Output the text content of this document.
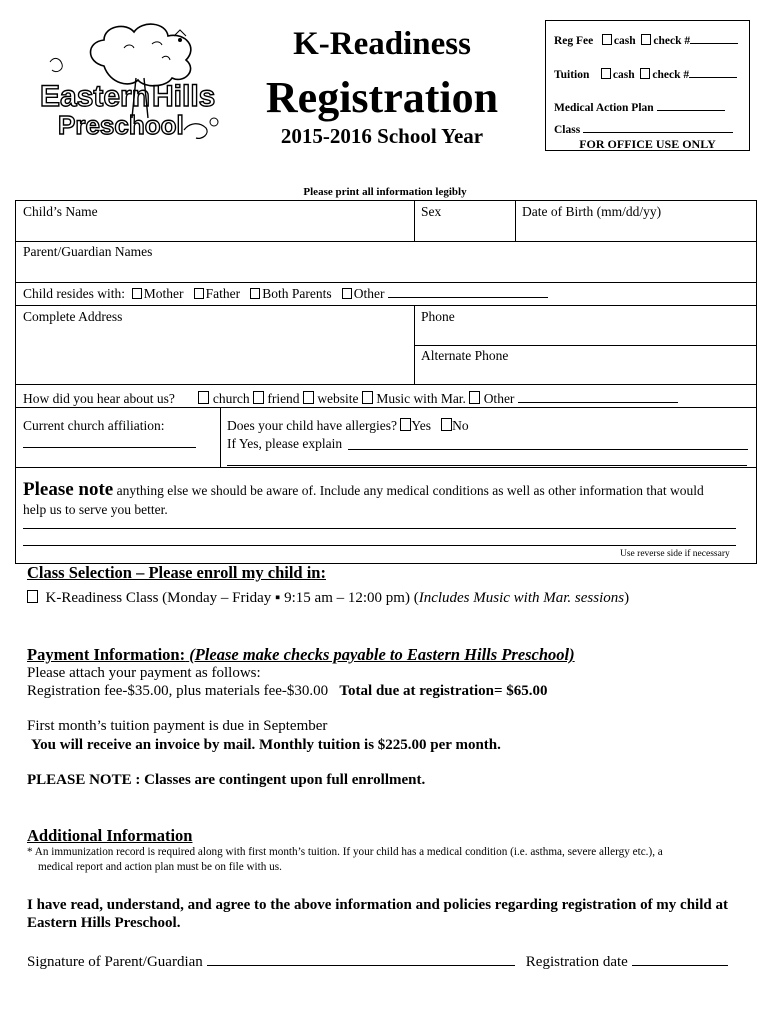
Eastern Hills
Preschool
K-Readiness
Registration
2015-2016 School Year
Reg Fee cash check #
Tuition cash check #
Medical Action Plan
Class
FOR OFFICE USE ONLY
Please print all information legibly
Child’s Name	Sex	Date of Birth (mm/dd/yy)
Parent/Guardian Names
Child resides with: Mother Father Both Parents Other
Complete Address	Phone
Alternate Phone
How did you hear about us?	church friend website Music with Mar. Other
Current church affiliation:	Does your child have allergies? Yes No
If Yes, please explain
Please note anything else we should be aware of. Include any medical conditions as well as other information that would
help us to serve you better.
Use reverse side if necessary
Class Selection – Please enroll my child in:
K-Readiness Class (Monday – Friday ▪ 9:15 am – 12:00 pm) (Includes Music with Mar. sessions)
Payment Information: (Please make checks payable to Eastern Hills Preschool)
Please attach your payment as follows:
Registration fee-$35.00, plus materials fee-$30.00 Total due at registration= $65.00
First month’s tuition payment is due in September
You will receive an invoice by mail. Monthly tuition is $225.00 per month.
PLEASE NOTE : Classes are contingent upon full enrollment.
Additional Information
* An immunization record is required along with first month’s tuition. If your child has a medical condition (i.e. asthma, severe allergy etc.), a
medical report and action plan must be on file with us.
I have read, understand, and agree to the above information and policies regarding registration of my child at
Eastern Hills Preschool.
Signature of Parent/Guardian	Registration date
